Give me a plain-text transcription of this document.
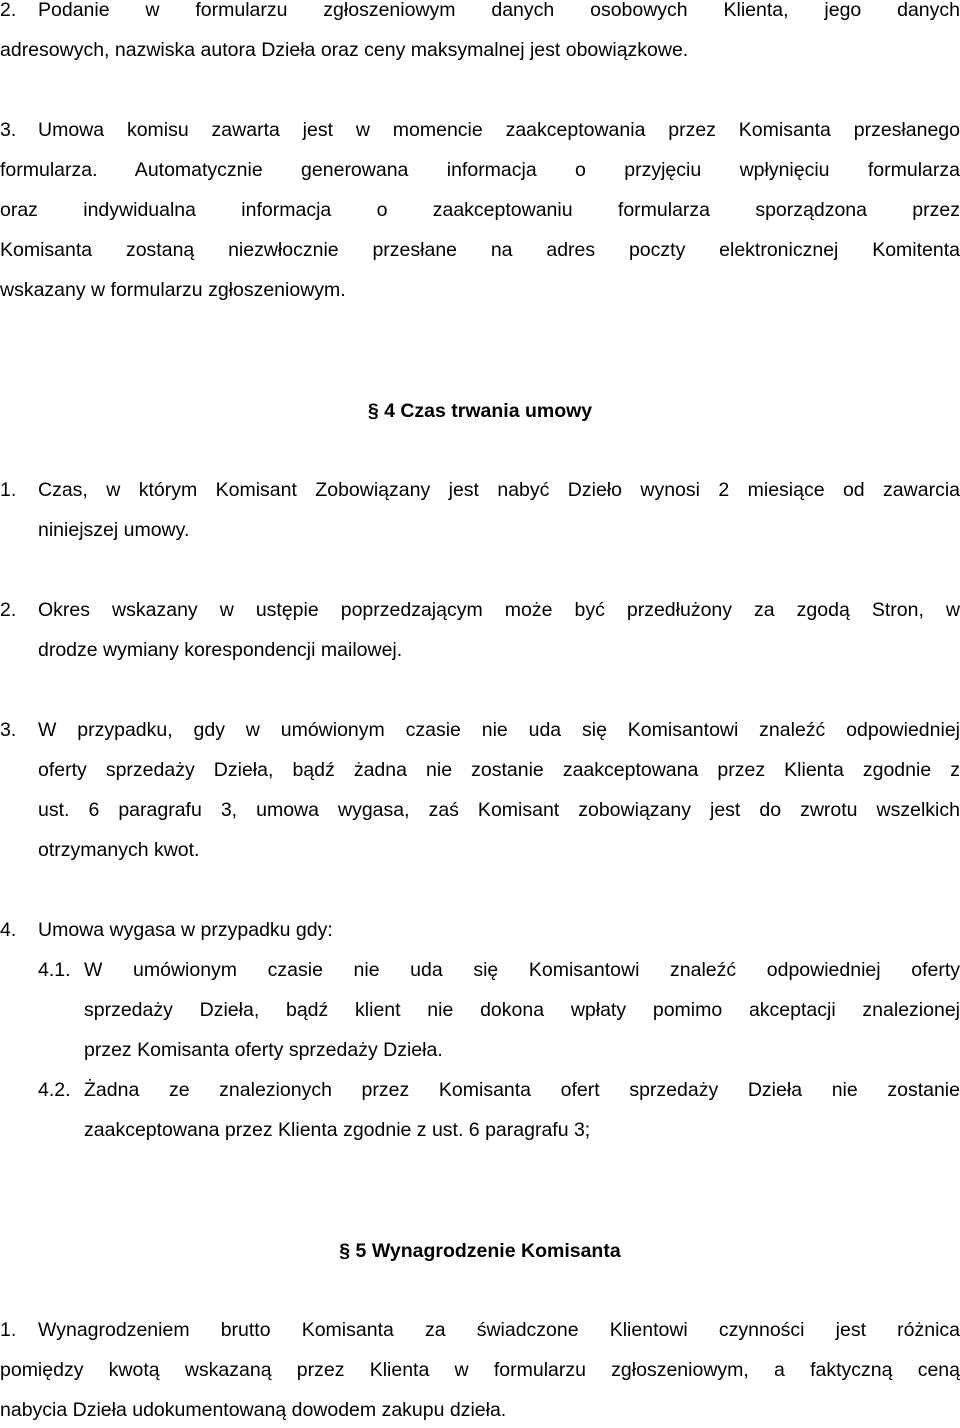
2. Podanie w formularzu zgłoszeniowym danych osobowych Klienta, jego danych
adresowych, nazwiska autora Dzieła oraz ceny maksymalnej jest obowiązkowe.
3. Umowa komisu zawarta jest w momencie zaakceptowania przez Komisanta przesłanego
formularza. Automatycznie generowana informacja o przyjęciu wpłynięciu formularza
oraz indywidualna informacja o zaakceptowaniu formularza sporządzona przez
Komisanta zostaną niezwłocznie przesłane na adres poczty elektronicznej Komitenta
wskazany w formularzu zgłoszeniowym.
§ 4 Czas trwania umowy
1. Czas, w którym Komisant Zobowiązany jest nabyć Dzieło wynosi 2 miesiące od zawarcia
niniejszej umowy.
2. Okres wskazany w ustępie poprzedzającym może być przedłużony za zgodą Stron, w
drodze wymiany korespondencji mailowej.
3. W przypadku, gdy w umówionym czasie nie uda się Komisantowi znaleźć odpowiedniej
oferty sprzedaży Dzieła, bądź żadna nie zostanie zaakceptowana przez Klienta zgodnie z
ust. 6 paragrafu 3, umowa wygasa, zaś Komisant zobowiązany jest do zwrotu wszelkich
otrzymanych kwot.
4. Umowa wygasa w przypadku gdy:
4.1. W umówionym czasie nie uda się Komisantowi znaleźć odpowiedniej oferty
sprzedaży Dzieła, bądź klient nie dokona wpłaty pomimo akceptacji znalezionej
przez Komisanta oferty sprzedaży Dzieła.
4.2. Żadna ze znalezionych przez Komisanta ofert sprzedaży Dzieła nie zostanie
zaakceptowana przez Klienta zgodnie z ust. 6 paragrafu 3;
§ 5 Wynagrodzenie Komisanta
1. Wynagrodzeniem brutto Komisanta za świadczone Klientowi czynności jest różnica
pomiędzy kwotą wskazaną przez Klienta w formularzu zgłoszeniowym, a faktyczną ceną
nabycia Dzieła udokumentowaną dowodem zakupu dzieła.
